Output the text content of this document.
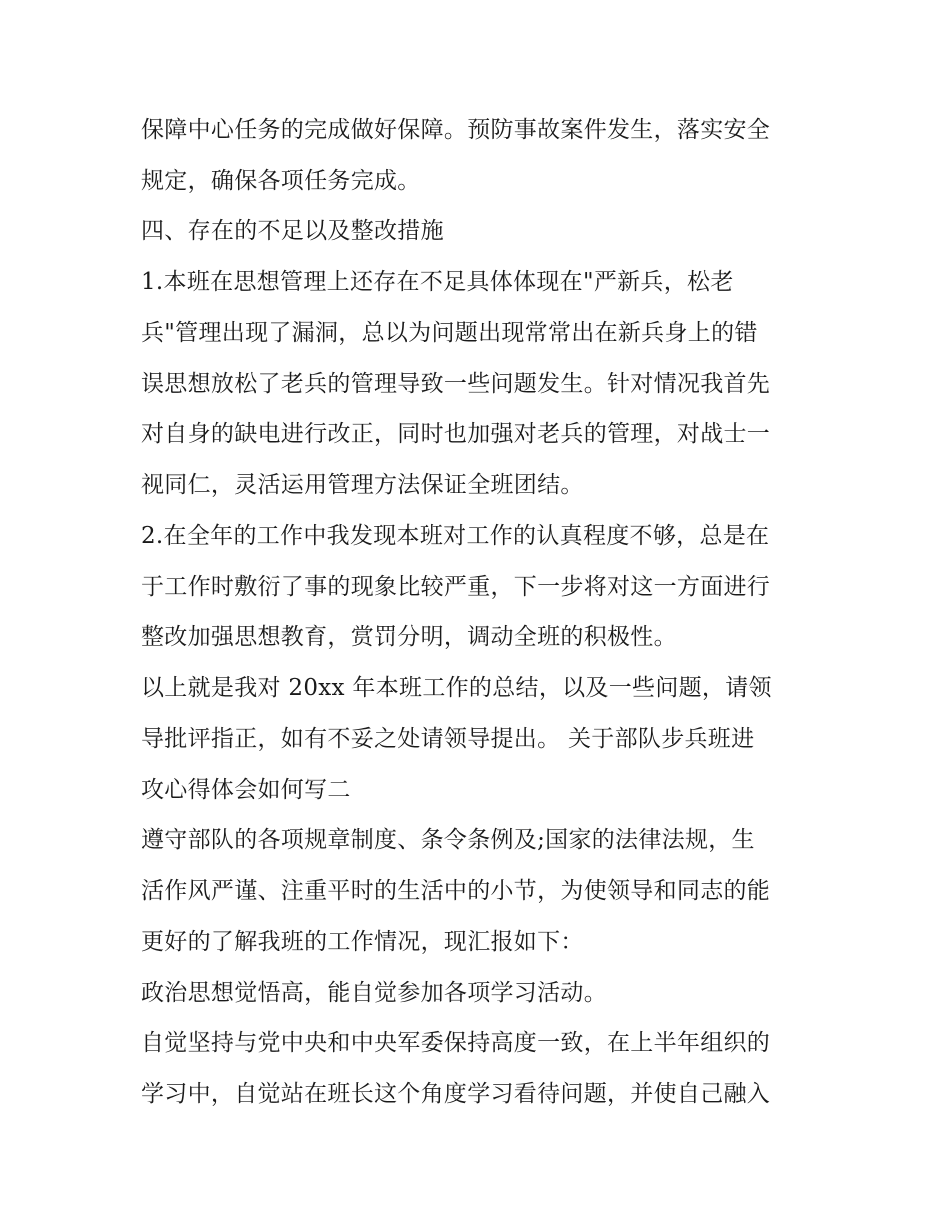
保障中心任务的完成做好保障。预防事故案件发生，落实安全
规定，确保各项任务完成。
四、存在的不足以及整改措施
1.本班在思想管理上还存在不足具体体现在"严新兵，松老
兵"管理出现了漏洞，总以为问题出现常常出在新兵身上的错
误思想放松了老兵的管理导致一些问题发生。针对情况我首先
对自身的缺电进行改正，同时也加强对老兵的管理，对战士一
视同仁，灵活运用管理方法保证全班团结。
2.在全年的工作中我发现本班对工作的认真程度不够，总是在
于工作时敷衍了事的现象比较严重，下一步将对这一方面进行
整改加强思想教育，赏罚分明，调动全班的积极性。
以上就是我对 20xx 年本班工作的总结，以及一些问题，请领
导批评指正，如有不妥之处请领导提出。 关于部队步兵班进
攻心得体会如何写二
遵守部队的各项规章制度、条令条例及;国家的法律法规，生
活作风严谨、注重平时的生活中的小节，为使领导和同志的能
更好的了解我班的工作情况，现汇报如下：
政治思想觉悟高，能自觉参加各项学习活动。
自觉坚持与党中央和中央军委保持高度一致，在上半年组织的
学习中，自觉站在班长这个角度学习看待问题，并使自己融入
